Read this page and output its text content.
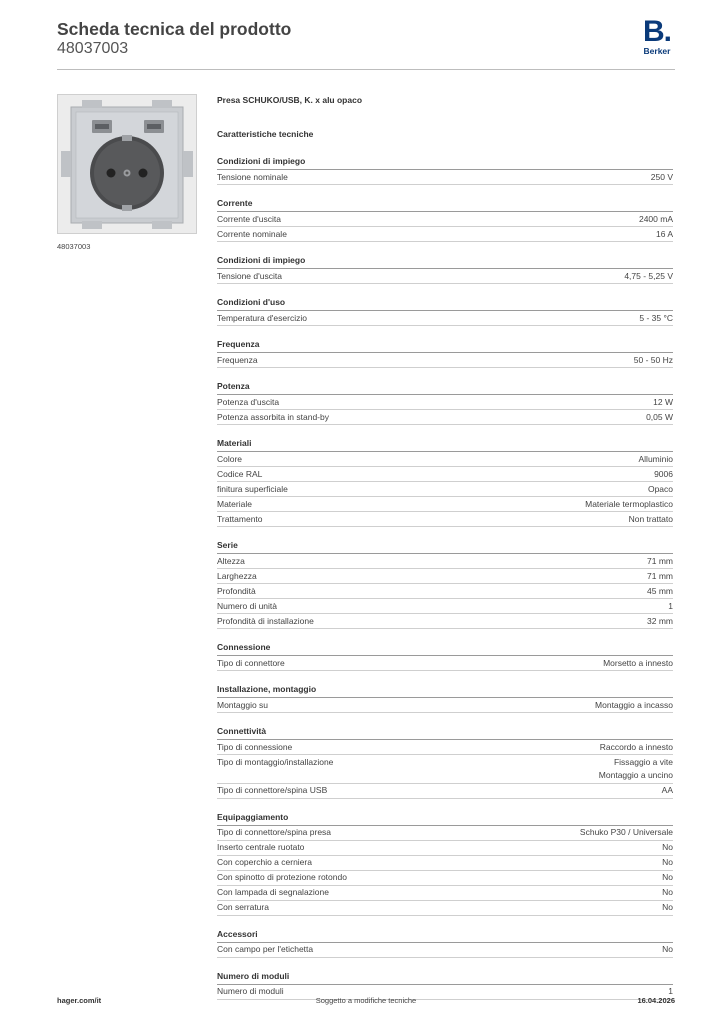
Scheda tecnica del prodotto
48037003
B.
Berker
48037003
Presa SCHUKO/USB, K. x alu opaco
Caratteristiche tecniche
Condizioni di impiego
Tensione nominale	250 V
Corrente
Corrente d'uscita	2400 mA
Corrente nominale	16 A
Condizioni di impiego
Tensione d'uscita	4,75 - 5,25 V
Condizioni d'uso
Temperatura d'esercizio	5 - 35 °C
Frequenza
Frequenza	50 - 50 Hz
Potenza
Potenza d'uscita	12 W
Potenza assorbita in stand-by	0,05 W
Materiali
Colore	Alluminio
Codice RAL	9006
finitura superficiale	Opaco
Materiale	Materiale termoplastico
Trattamento	Non trattato
Serie
Altezza	71 mm
Larghezza	71 mm
Profondità	45 mm
Numero di unità	1
Profondità di installazione	32 mm
Connessione
Tipo di connettore	Morsetto a innesto
Installazione, montaggio
Montaggio su	Montaggio a incasso
Connettività
Tipo di connessione	Raccordo a innesto
Tipo di montaggio/installazione	Fissaggio a vite
Montaggio a uncino
Tipo di connettore/spina USB	AA
Equipaggiamento
Tipo di connettore/spina presa	Schuko P30 / Universale
Inserto centrale ruotato	No
Con coperchio a cerniera	No
Con spinotto di protezione rotondo	No
Con lampada di segnalazione	No
Con serratura	No
Accessori
Con campo per l'etichetta	No
Numero di moduli
Numero di moduli	1
Soggetto a modifiche tecniche
hager.com/it	16.04.2026
